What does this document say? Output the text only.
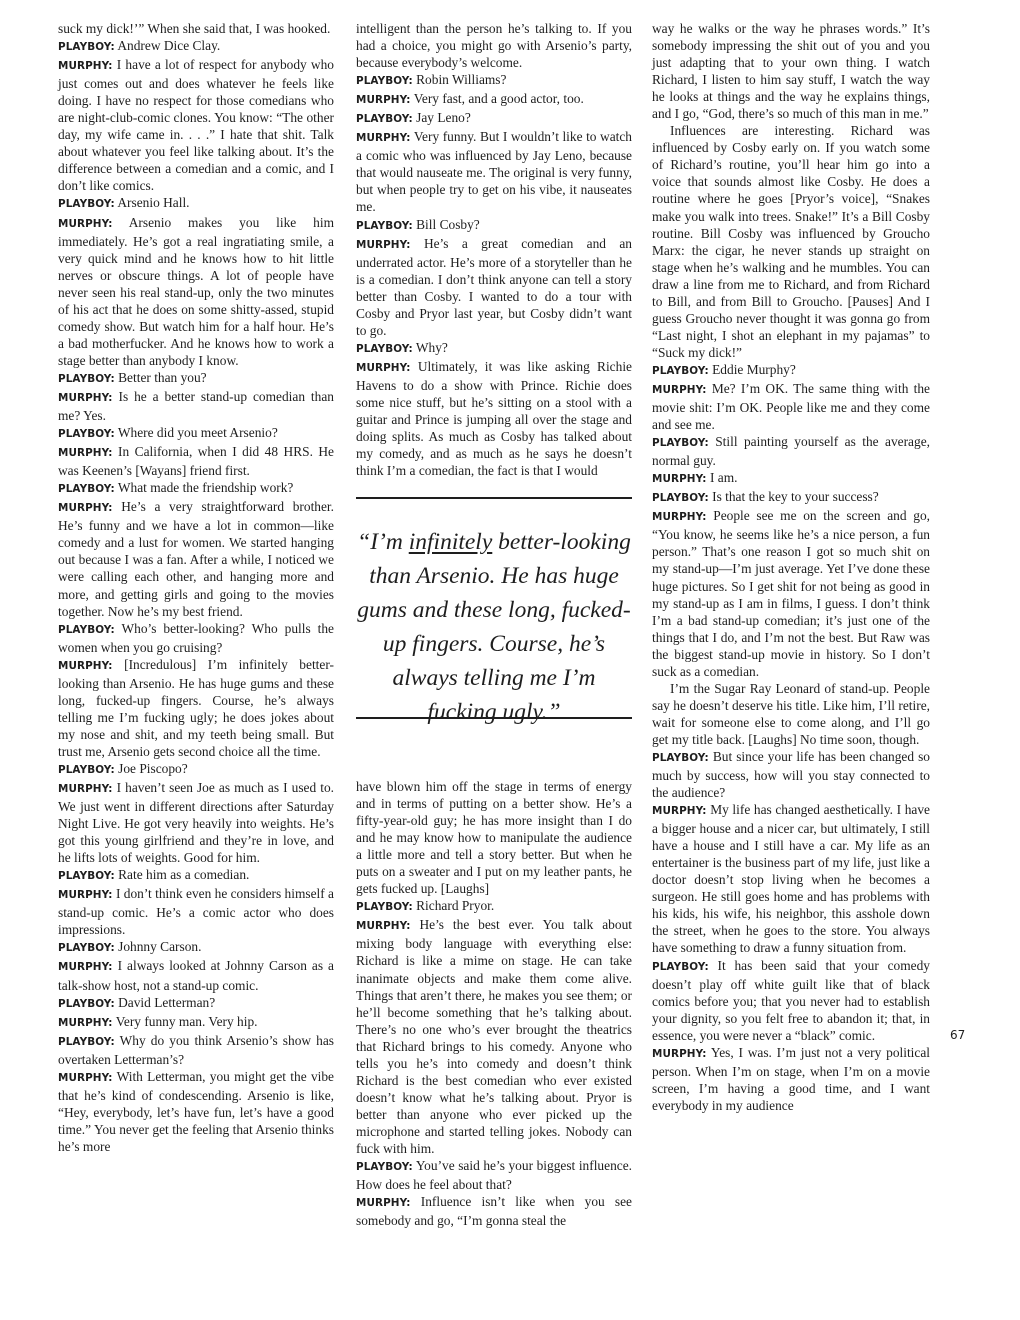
suck my dick!’” When she said that, I was hooked.

PLAYBOY: Andrew Dice Clay.

MURPHY: I have a lot of respect for anybody who just comes out and does whatever he feels like doing. I have no respect for those comedians who are night-club-comic clones. You know: “The other day, my wife came in. . . .” I hate that shit. Talk about whatever you feel like talking about. It’s the difference between a comedian and a comic, and I don’t like comics.

PLAYBOY: Arsenio Hall.

MURPHY: Arsenio makes you like him immediately. He’s got a real ingratiating smile, a very quick mind and he knows how to hit little nerves or obscure things. A lot of people have never seen his real stand-up, only the two minutes of his act that he does on some shitty-assed, stupid comedy show. But watch him for a half hour. He’s a bad motherfucker. And he knows how to work a stage better than anybody I know.

PLAYBOY: Better than you?

MURPHY: Is he a better stand-up comedian than me? Yes.

PLAYBOY: Where did you meet Arsenio?

MURPHY: In California, when I did 48 HRS. He was Keenen’s [Wayans] friend first.

PLAYBOY: What made the friendship work?

MURPHY: He’s a very straightforward brother. He’s funny and we have a lot in common—like comedy and a lust for women. We started hanging out because I was a fan. After a while, I noticed we were calling each other, and hanging more and more, and getting girls and going to the movies together. Now he’s my best friend.

PLAYBOY: Who’s better-looking? Who pulls the women when you go cruising?

MURPHY: [Incredulous] I’m infinitely better-looking than Arsenio. He has huge gums and these long, fucked-up fingers. Course, he’s always telling me I’m fucking ugly; he does jokes about my nose and shit, and my teeth being small. But trust me, Arsenio gets second choice all the time.

PLAYBOY: Joe Piscopo?

MURPHY: I haven’t seen Joe as much as I used to. We just went in different directions after Saturday Night Live. He got very heavily into weights. He’s got this young girlfriend and they’re in love, and he lifts lots of weights. Good for him.

PLAYBOY: Rate him as a comedian.

MURPHY: I don’t think even he considers himself a stand-up comic. He’s a comic actor who does impressions.

PLAYBOY: Johnny Carson.

MURPHY: I always looked at Johnny Carson as a talk-show host, not a stand-up comic.

PLAYBOY: David Letterman?

MURPHY: Very funny man. Very hip.

PLAYBOY: Why do you think Arsenio’s show has overtaken Letterman’s?

MURPHY: With Letterman, you might get the vibe that he’s kind of condescending. Arsenio is like, “Hey, everybody, let’s have fun, let’s have a good time.” You never get the feeling that Arsenio thinks he’s more

intelligent than the person he’s talking to. If you had a choice, you might go with Arsenio’s party, because everybody’s welcome.

PLAYBOY: Robin Williams?

MURPHY: Very fast, and a good actor, too.

PLAYBOY: Jay Leno?

MURPHY: Very funny. But I wouldn’t like to watch a comic who was influenced by Jay Leno, because that would nauseate me. The original is very funny, but when people try to get on his vibe, it nauseates me.

PLAYBOY: Bill Cosby?

MURPHY: He’s a great comedian and an underrated actor. He’s more of a storyteller than he is a comedian. I don’t think anyone can tell a story better than Cosby. I wanted to do a tour with Cosby and Pryor last year, but Cosby didn’t want to go.

PLAYBOY: Why?

MURPHY: Ultimately, it was like asking Richie Havens to do a show with Prince. Richie does some nice stuff, but he’s sitting on a stool with a guitar and Prince is jumping all over the stage and doing splits. As much as Cosby has talked about my comedy, and as much as he says he doesn’t think I’m a comedian, the fact is that I would

“I’m infinitely better-looking than Arsenio. He has huge gums and these long, fucked-up fingers. Course, he’s always telling me I’m fucking ugly.”

have blown him off the stage in terms of energy and in terms of putting on a better show. He’s a fifty-year-old guy; he has more insight than I do and he may know how to manipulate the audience a little more and tell a story better. But when he puts on a sweater and I put on my leather pants, he gets fucked up. [Laughs]

PLAYBOY: Richard Pryor.

MURPHY: He’s the best ever. You talk about mixing body language with everything else: Richard is like a mime on stage. He can take inanimate objects and make them come alive. Things that aren’t there, he makes you see them; or he’ll become something that he’s talking about. There’s no one who’s ever brought the theatrics that Richard brings to his comedy. Anyone who tells you he’s into comedy and doesn’t think Richard is the best comedian who ever existed doesn’t know what he’s talking about. Pryor is better than anyone who ever picked up the microphone and started telling jokes. Nobody can fuck with him.

PLAYBOY: You’ve said he’s your biggest influence. How does he feel about that?

MURPHY: Influence isn’t like when you see somebody and go, “I’m gonna steal the

way he walks or the way he phrases words.” It’s somebody impressing the shit out of you and you just adapting that to your own thing. I watch Richard, I listen to him say stuff, I watch the way he looks at things and the way he explains things, and I go, “God, there’s so much of this man in me.”

Influences are interesting. Richard was influenced by Cosby early on. If you watch some of Richard’s routine, you’ll hear him go into a voice that sounds almost like Cosby. He does a routine where he goes [Pryor’s voice], “Snakes make you walk into trees. Snake!” It’s a Bill Cosby routine. Bill Cosby was influenced by Groucho Marx: the cigar, he never stands up straight on stage when he’s walking and he mumbles. You can draw a line from me to Richard, and from Richard to Bill, and from Bill to Groucho. [Pauses] And I guess Groucho never thought it was gonna go from “Last night, I shot an elephant in my pajamas” to “Suck my dick!”

PLAYBOY: Eddie Murphy?

MURPHY: Me? I’m OK. The same thing with the movie shit: I’m OK. People like me and they come and see me.

PLAYBOY: Still painting yourself as the average, normal guy.

MURPHY: I am.

PLAYBOY: Is that the key to your success?

MURPHY: People see me on the screen and go, “You know, he seems like he’s a nice person, a fun person.” That’s one reason I got so much shit on my stand-up—I’m just average. Yet I’ve done these huge pictures. So I get shit for not being as good in my stand-up as I am in films, I guess. I don’t think I’m a bad stand-up comedian; it’s just one of the things that I do, and I’m not the best. But Raw was the biggest stand-up movie in history. So I don’t suck as a comedian.

I’m the Sugar Ray Leonard of stand-up. People say he doesn’t deserve his title. Like him, I’ll retire, wait for someone else to come along, and I’ll go get my title back. [Laughs] No time soon, though.

PLAYBOY: But since your life has been changed so much by success, how will you stay connected to the audience?

MURPHY: My life has changed aesthetically. I have a bigger house and a nicer car, but ultimately, I still have a house and I still have a car. My life as an entertainer is the business part of my life, just like a doctor doesn’t stop living when he becomes a surgeon. He still goes home and has problems with his kids, his wife, his neighbor, this asshole down the street, when he goes to the store. You always have something to draw a funny situation from.

PLAYBOY: It has been said that your comedy doesn’t play off white guilt like that of black comics before you; that you never had to establish your dignity, so you felt free to abandon it; that, in essence, you were never a “black” comic.

MURPHY: Yes, I was. I’m just not a very political person. When I’m on stage, when I’m on a movie screen, I’m having a good time, and I want everybody in my audience

67
